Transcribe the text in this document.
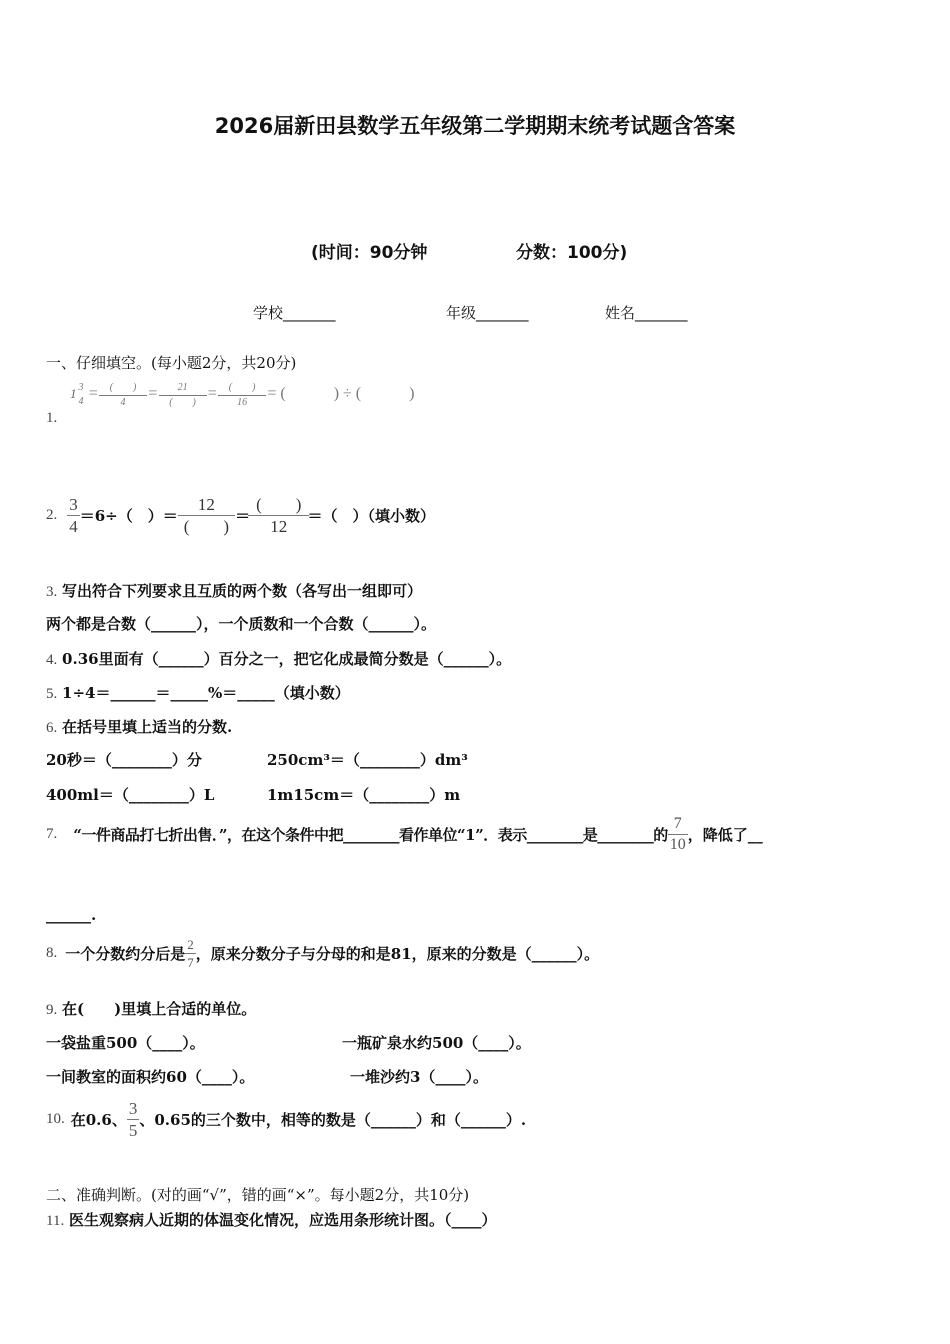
2026届新田县数学五年级第二学期期末统考试题含答案
(时间：90分钟	分数：100分)
学校_______	年级_______	姓名_______
一、仔细填空。(每小题2分，共20分)
1 3
$4 = \frac{( )}{4} = \frac{21}{( )} = \frac{( )}{16}$ = (　　　) ÷ (　　　)
1.
2. $\frac{3}{4} =6\div$（　）＝ $\frac{12}{( )} = \frac{( )}{12}$ ＝（　）（填小数）
3. 写出符合下列要求且互质的两个数（各写出一组即可）
两个都是合数（______），一个质数和一个合数（______）。
4. 0.36里面有（______）百分之一，把它化成最简分数是（______）。
5. 1÷4＝______＝_____%＝_____（填小数）
6. 在括号里填上适当的分数.
20秒＝（________）分	250cm³＝（________）dm³
400ml＝（________）L	1m15cm＝（________）m
7. “一件商品打七折出售．”，在这个条件中把________看作单位“1”．表示________是________的 $\frac{7}{10}$ ，降低了__
______.
8. 一个分数约分后是 $\frac{2}{7}$ ，原来分数分子与分母的和是81，原来的分数是（______）。
9. 在(　　)里填上合适的单位。
一袋盐重500（____）。	一瓶矿泉水约500（____）。
一间教室的面积约60（____）。	一堆沙约3（____）。
10. 在0.6、 $\frac{3}{5}$ 、0.65的三个数中，相等的数是（______）和（______）.
二、准确判断。(对的画“√”，错的画“×”。每小题2分，共10分)
11. 医生观察病人近期的体温变化情况，应选用条形统计图。（____）
